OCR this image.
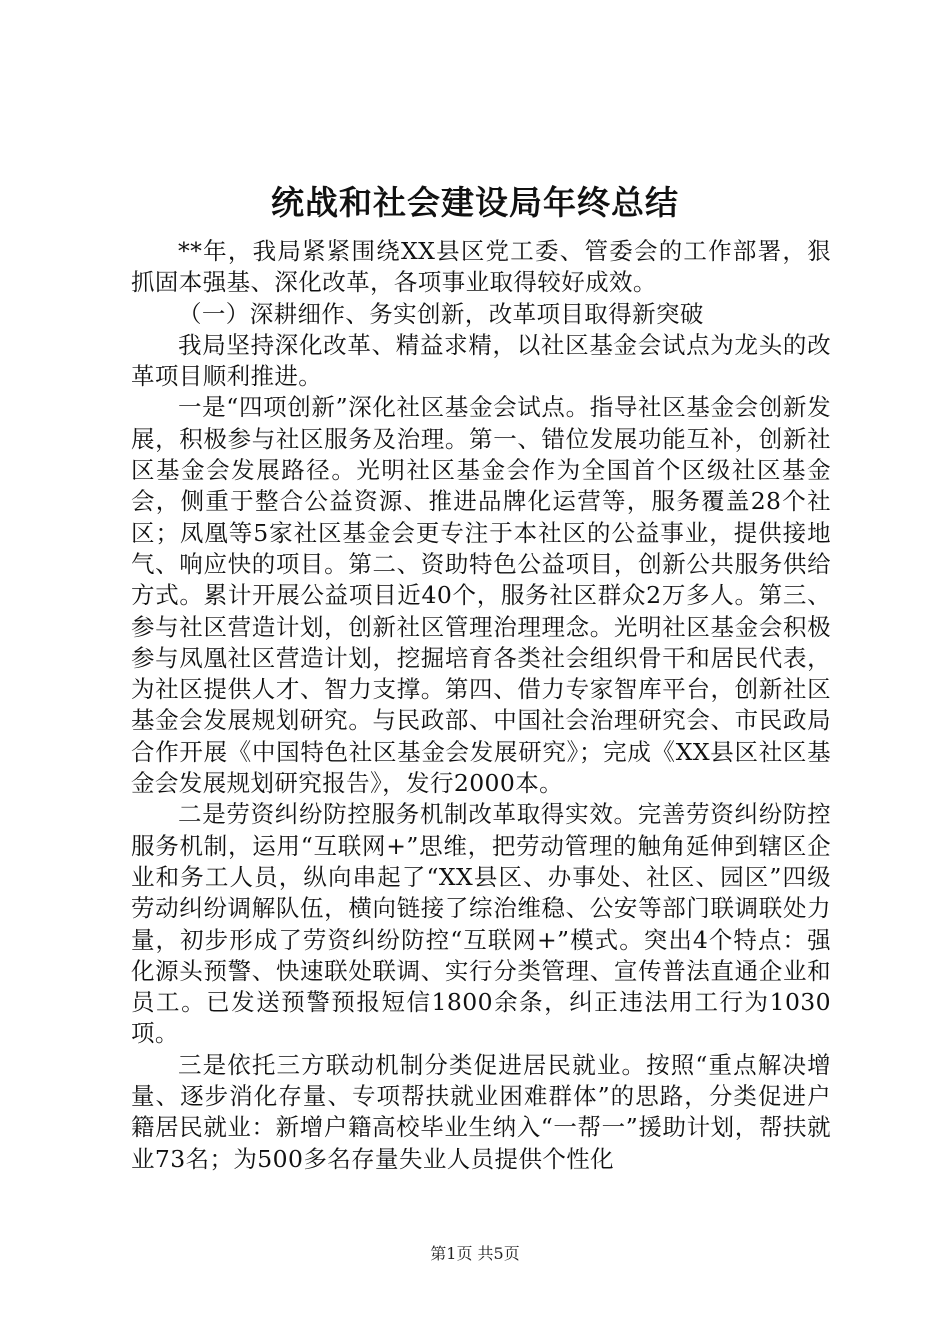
统战和社会建设局年终总结

**年，我局紧紧围绕XX县区党工委、管委会的工作部署，狠抓固本强基、深化改革，各项事业取得较好成效。

（一）深耕细作、务实创新，改革项目取得新突破

我局坚持深化改革、精益求精，以社区基金会试点为龙头的改革项目顺利推进。

一是“四项创新”深化社区基金会试点。指导社区基金会创新发展，积极参与社区服务及治理。第一、错位发展功能互补，创新社区基金会发展路径。光明社区基金会作为全国首个区级社区基金会，侧重于整合公益资源、推进品牌化运营等，服务覆盖28个社区；凤凰等5家社区基金会更专注于本社区的公益事业，提供接地气、响应快的项目。第二、资助特色公益项目，创新公共服务供给方式。累计开展公益项目近40个，服务社区群众2万多人。第三、参与社区营造计划，创新社区管理治理理念。光明社区基金会积极参与凤凰社区营造计划，挖掘培育各类社会组织骨干和居民代表，为社区提供人才、智力支撑。第四、借力专家智库平台，创新社区基金会发展规划研究。与民政部、中国社会治理研究会、市民政局合作开展《中国特色社区基金会发展研究》；完成《XX县区社区基金会发展规划研究报告》，发行2000本。

二是劳资纠纷防控服务机制改革取得实效。完善劳资纠纷防控服务机制，运用“互联网+”思维，把劳动管理的触角延伸到辖区企业和务工人员，纵向串起了“XX县区、办事处、社区、园区”四级劳动纠纷调解队伍，横向链接了综治维稳、公安等部门联调联处力量，初步形成了劳资纠纷防控“互联网+”模式。突出4个特点：强化源头预警、快速联处联调、实行分类管理、宣传普法直通企业和员工。已发送预警预报短信1800余条，纠正违法用工行为1030项。

三是依托三方联动机制分类促进居民就业。按照“重点解决增量、逐步消化存量、专项帮扶就业困难群体”的思路，分类促进户籍居民就业：新增户籍高校毕业生纳入“一帮一”援助计划，帮扶就业73名；为500多名存量失业人员提供个性化

第1页 共5页
